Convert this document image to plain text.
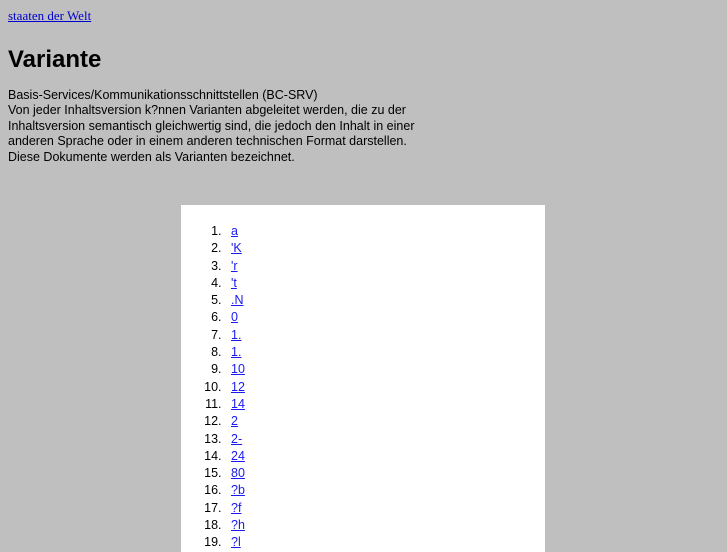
staaten der Welt
Variante

Basis-Services/Kommunikationsschnittstellen (BC-SRV)

Von jeder Inhaltsversion k?nnen Varianten abgeleitet werden, die zu der Inhaltsversion semantisch gleichwertig sind, die jedoch den Inhalt in einer anderen Sprache oder in einem anderen technischen Format darstellen. Diese Dokumente werden als Varianten bezeichnet.

1. a
2. 'K
3. 'r
4. 't
5. .N
6. 0
7. 1.
8. 1.
9. 10
10. 12
11. 14
12. 2
13. 2-
14. 24
15. 80
16. ?b
17. ?f
18. ?h
19. ?l
